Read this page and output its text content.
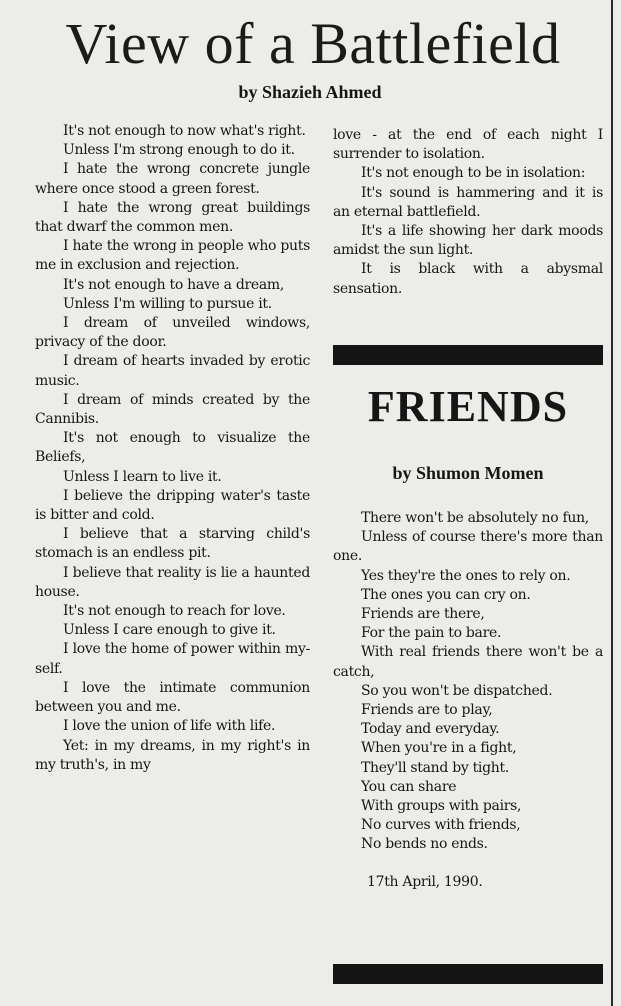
View of a Battlefield
by Shazieh Ahmed

It's not enough to now what's right.

Unless I'm strong enough to do it.

I hate the wrong concrete jungle where once stood a green forest.

I hate the wrong great buildings that dwarf the common men.

I hate the wrong in people who puts me in exclusion and rejection.

It's not enough to have a dream,

Unless I'm willing to pursue it.

I dream of unveiled windows, privacy of the door.

I dream of hearts invaded by erotic music.

I dream of minds created by the Cannibis.

It's not enough to visualize the Beliefs,

Unless I learn to live it.

I believe the dripping water's taste is bitter and cold.

I believe that a starving child's stomach is an endless pit.

I believe that reality is lie a haunted house.

It's not enough to reach for love.

Unless I care enough to give it.

I love the home of power within my-self.

I love the intimate communion between you and me.

I love the union of life with life.

Yet: in my dreams, in my right's in my truth's, in my

love - at the end of each night I surrender to isolation.

It's not enough to be in isolation:

It's sound is hammering and it is an eternal battlefield.

It's a life showing her dark moods amidst the sun light.

It is black with a abysmal sensation.

FRIENDS
by Shumon Momen

There won't be absolutely no fun,

Unless of course there's more than one.

Yes they're the ones to rely on.

The ones you can cry on.

Friends are there,

For the pain to bare.

With real friends there won't be a catch,

So you won't be dispatched.

Friends are to play,

Today and everyday.

When you're in a fight,

They'll stand by tight.

You can share

With groups with pairs,

No curves with friends,

No bends no ends.

17th April, 1990.
